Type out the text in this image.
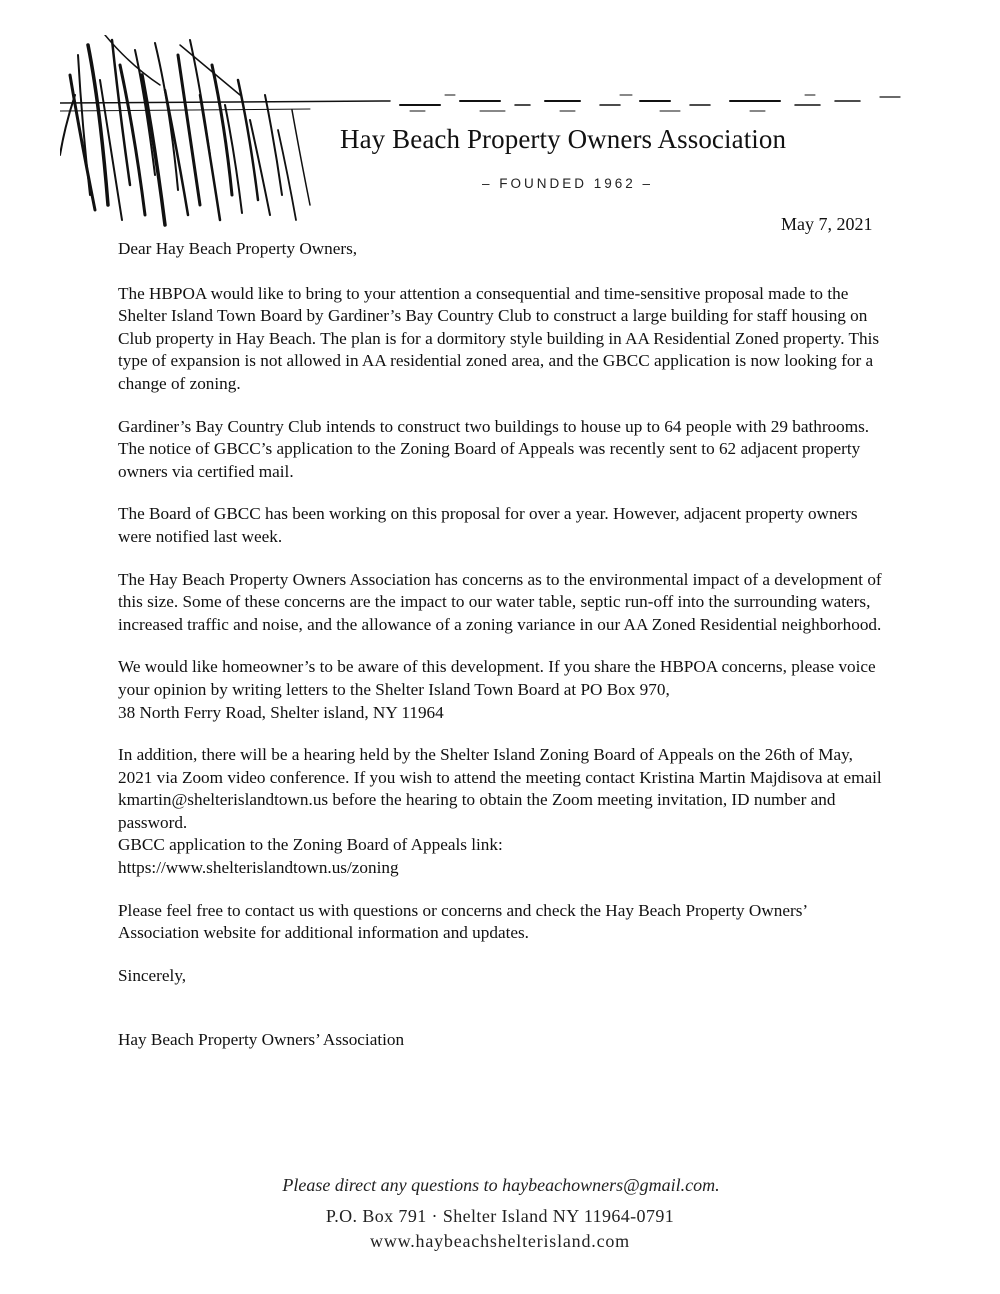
Hay Beach Property Owners Association
– FOUNDED 1962 –
May 7, 2021

Dear Hay Beach Property Owners,

The HBPOA would like to bring to your attention a consequential and time-sensitive proposal made to the Shelter Island Town Board by Gardiner’s Bay Country Club to construct a large building for staff housing on Club property in Hay Beach. The plan is for a dormitory style building in AA Residential Zoned property. This type of expansion is not allowed in AA residential zoned area, and the GBCC application is now looking for a change of zoning.

Gardiner’s Bay Country Club intends to construct two buildings to house up to 64 people with 29 bathrooms. The notice of GBCC’s application to the Zoning Board of Appeals was recently sent to 62 adjacent property owners via certified mail.

The Board of GBCC has been working on this proposal for over a year. However, adjacent property owners were notified last week.

The Hay Beach Property Owners Association has concerns as to the environmental impact of a development of this size. Some of these concerns are the impact to our water table, septic run-off into the surrounding waters, increased traffic and noise, and the allowance of a zoning variance in our AA Zoned Residential neighborhood.

We would like homeowner’s to be aware of this development. If you share the HBPOA concerns, please voice your opinion by writing letters to the Shelter Island Town Board at PO Box 970,
38 North Ferry Road, Shelter island, NY 11964

In addition, there will be a hearing held by the Shelter Island Zoning Board of Appeals on the 26th of May, 2021 via Zoom video conference. If you wish to attend the meeting contact Kristina Martin Majdisova at email kmartin@shelterislandtown.us before the hearing to obtain the Zoom meeting invitation, ID number and password.
GBCC application to the Zoning Board of Appeals link:
https://www.shelterislandtown.us/zoning

Please feel free to contact us with questions or concerns and check the Hay Beach Property Owners’ Association website for additional information and updates.

Sincerely,

Hay Beach Property Owners’ Association

Please direct any questions to haybeachowners@gmail.com.
P.O. Box 791 · Shelter Island NY 11964-0791
www.haybeachshelterisland.com
